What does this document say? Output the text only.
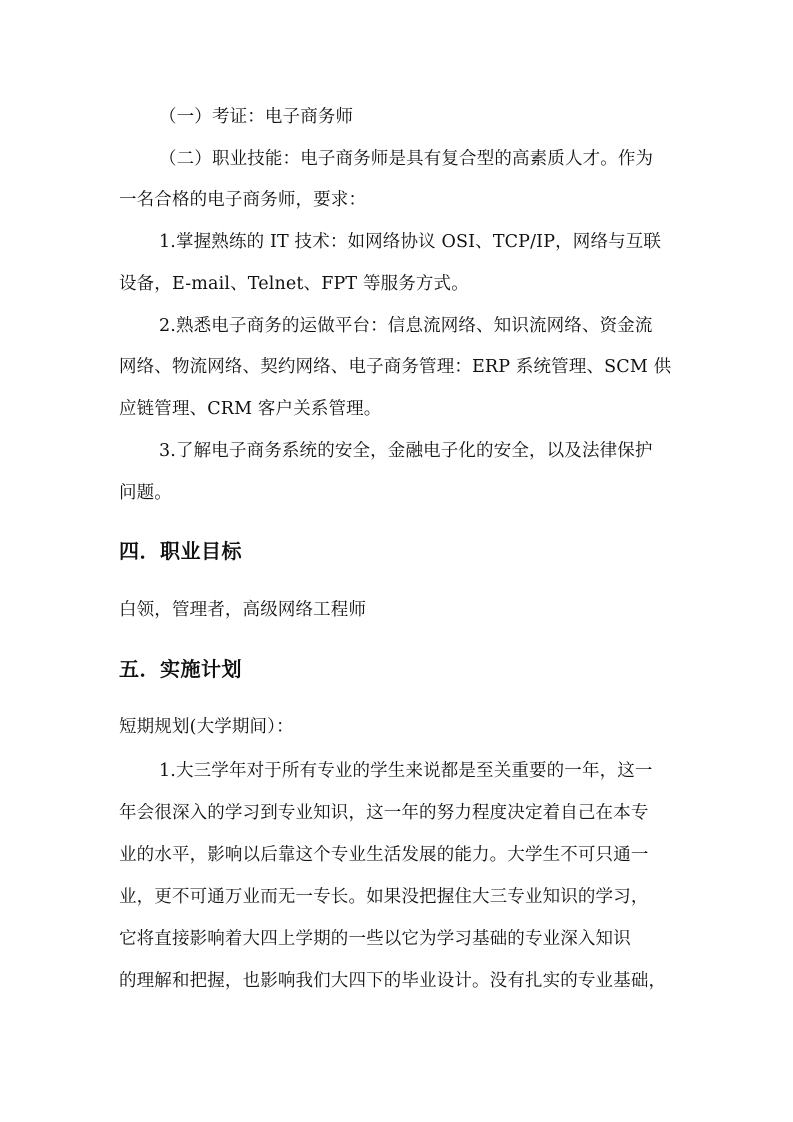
（一）考证：电子商务师
（二）职业技能：电子商务师是具有复合型的高素质人才。作为
一名合格的电子商务师，要求：
1.掌握熟练的 IT 技术：如网络协议 OSI、TCP/IP，网络与互联
设备，E-mail、Telnet、FPT 等服务方式。
2.熟悉电子商务的运做平台：信息流网络、知识流网络、资金流
网络、物流网络、契约网络、电子商务管理：ERP 系统管理、SCM 供
应链管理、CRM 客户关系管理。
3.了解电子商务系统的安全，金融电子化的安全，以及法律保护
问题。
四．职业目标
白领，管理者，高级网络工程师
五．实施计划
短期规划(大学期间）：
1.大三学年对于所有专业的学生来说都是至关重要的一年，这一
年会很深入的学习到专业知识，这一年的努力程度决定着自己在本专
业的水平，影响以后靠这个专业生活发展的能力。大学生不可只通一
业，更不可通万业而无一专长。如果没把握住大三专业知识的学习，
它将直接影响着大四上学期的一些以它为学习基础的专业深入知识
的理解和把握，也影响我们大四下的毕业设计。没有扎实的专业基础，
